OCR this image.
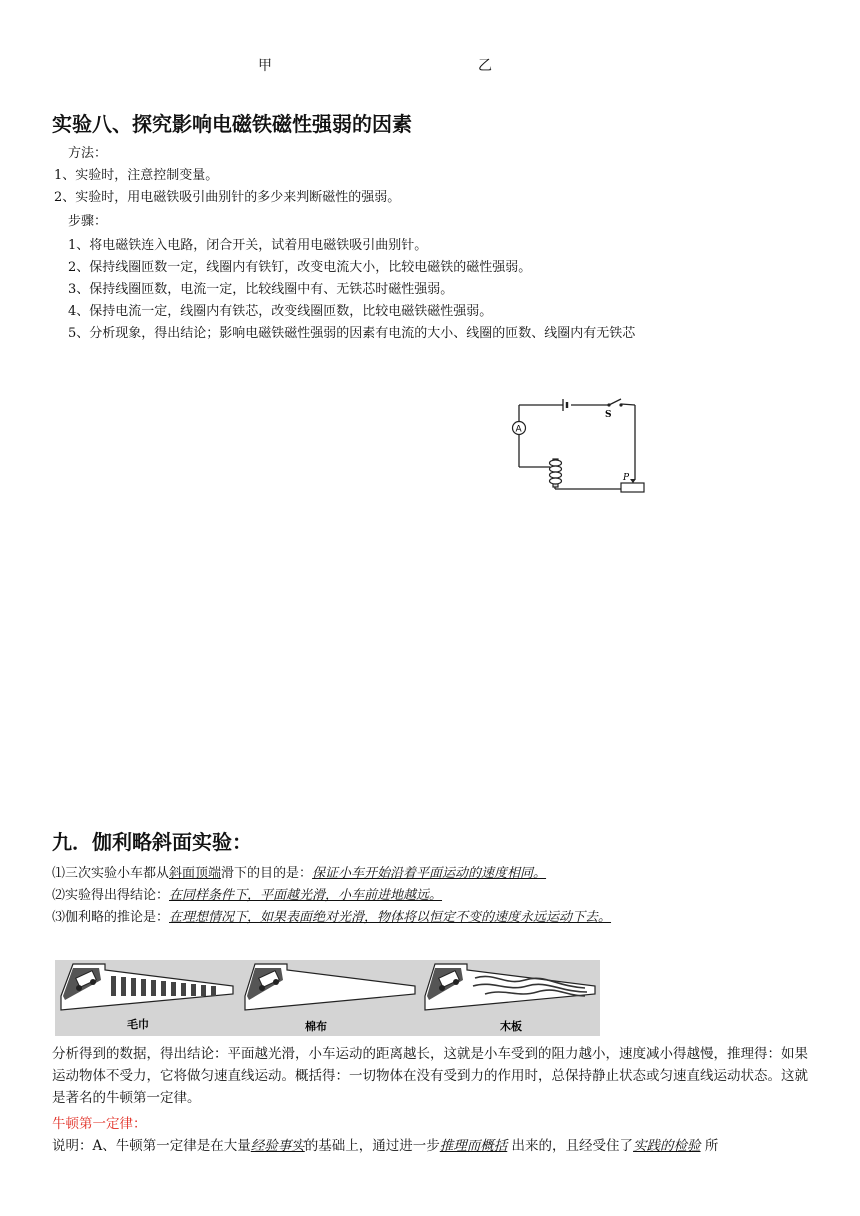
甲	乙
实验八、探究影响电磁铁磁性强弱的因素
方法：
1、实验时，注意控制变量。
2、实验时，用电磁铁吸引曲别针的多少来判断磁性的强弱。
步骤：
1、将电磁铁连入电路，闭合开关，试着用电磁铁吸引曲别针。
2、保持线圈匝数一定，线圈内有铁钉，改变电流大小，比较电磁铁的磁性强弱。
3、保持线圈匝数，电流一定，比较线圈中有、无铁芯时磁性强弱。
4、保持电流一定，线圈内有铁芯，改变线圈匝数，比较电磁铁磁性强弱。
5、分析现象，得出结论；影响电磁铁磁性强弱的因素有电流的大小、线圈的匝数、线圈内有无铁芯
S
A
P
九．伽利略斜面实验：
⑴三次实验小车都从斜面顶端滑下的目的是：保证小车开始沿着平面运动的速度相同。
⑵实验得出得结论：在同样条件下，平面越光滑，小车前进地越远。
⑶伽利略的推论是：在理想情况下，如果表面绝对光滑，物体将以恒定不变的速度永远运动下去。
毛巾	棉布	木板
分析得到的数据，得出结论：平面越光滑，小车运动的距离越长，这就是小车受到的阻力越小，速度减小得越慢，推理得：如果运动物体不受力，它将做匀速直线运动。概括得：一切物体在没有受到力的作用时，总保持静止状态或匀速直线运动状态。这就是著名的牛顿第一定律。
牛顿第一定律：
说明：A、牛顿第一定律是在大量经验事实的基础上，通过进一步推理而概括 出来的，且经受住了实践的检验 所
